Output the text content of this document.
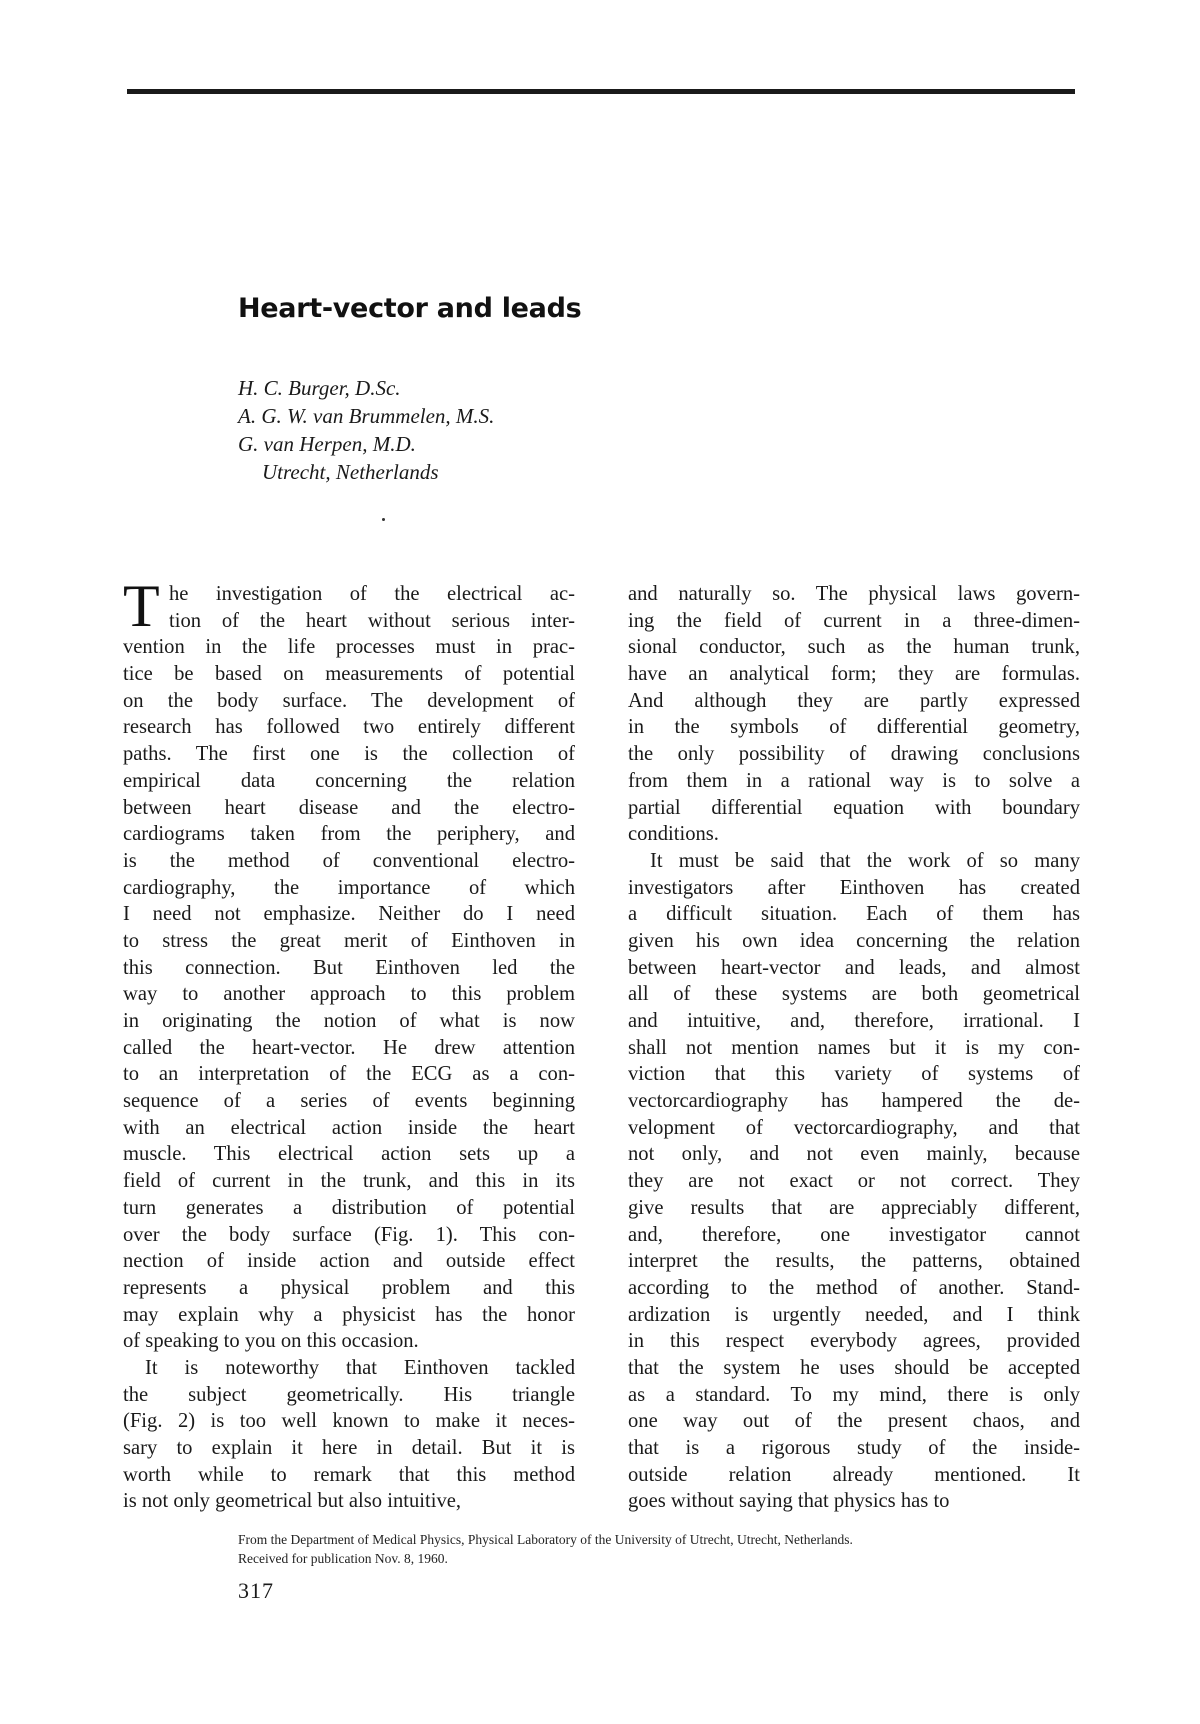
Heart-vector and leads
H. C. Burger, D.Sc.
A. G. W. van Brummelen, M.S.
G. van Herpen, M.D.
Utrecht, Netherlands
T he investigation of the electrical ac-
tion of the heart without serious inter-
vention in the life processes must in prac-
tice be based on measurements of potential
on the body surface. The development of
research has followed two entirely different
paths. The first one is the collection of
empirical data concerning the relation
between heart disease and the electro-
cardiograms taken from the periphery, and
is the method of conventional electro-
cardiography, the importance of which
I need not emphasize. Neither do I need
to stress the great merit of Einthoven in
this connection. But Einthoven led the
way to another approach to this problem
in originating the notion of what is now
called the heart-vector. He drew attention
to an interpretation of the ECG as a con-
sequence of a series of events beginning
with an electrical action inside the heart
muscle. This electrical action sets up a
field of current in the trunk, and this in its
turn generates a distribution of potential
over the body surface (Fig. 1). This con-
nection of inside action and outside effect
represents a physical problem and this
may explain why a physicist has the honor
of speaking to you on this occasion.
It is noteworthy that Einthoven tackled
the subject geometrically. His triangle
(Fig. 2) is too well known to make it neces-
sary to explain it here in detail. But it is
worth while to remark that this method
is not only geometrical but also intuitive,
and naturally so. The physical laws govern-
ing the field of current in a three-dimen-
sional conductor, such as the human trunk,
have an analytical form; they are formulas.
And although they are partly expressed
in the symbols of differential geometry,
the only possibility of drawing conclusions
from them in a rational way is to solve a
partial differential equation with boundary
conditions.
It must be said that the work of so many
investigators after Einthoven has created
a difficult situation. Each of them has
given his own idea concerning the relation
between heart-vector and leads, and almost
all of these systems are both geometrical
and intuitive, and, therefore, irrational. I
shall not mention names but it is my con-
viction that this variety of systems of
vectorcardiography has hampered the de-
velopment of vectorcardiography, and that
not only, and not even mainly, because
they are not exact or not correct. They
give results that are appreciably different,
and, therefore, one investigator cannot
interpret the results, the patterns, obtained
according to the method of another. Stand-
ardization is urgently needed, and I think
in this respect everybody agrees, provided
that the system he uses should be accepted
as a standard. To my mind, there is only
one way out of the present chaos, and
that is a rigorous study of the inside-
outside relation already mentioned. It
goes without saying that physics has to
From the Department of Medical Physics, Physical Laboratory of the University of Utrecht, Utrecht, Netherlands.
Received for publication Nov. 8, 1960.
317
